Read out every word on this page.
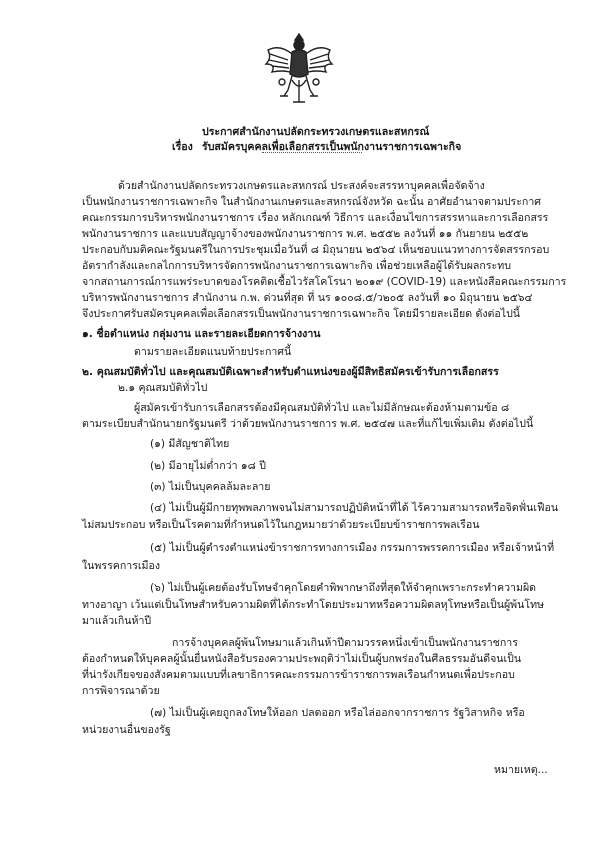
ประกาศสำนักงานปลัดกระทรวงเกษตรและสหกรณ์
เรื่อง รับสมัครบุคคลเพื่อเลือกสรรเป็นพนักงานราชการเฉพาะกิจ
ด้วยสำนักงานปลัดกระทรวงเกษตรและสหกรณ์ ประสงค์จะสรรหาบุคคลเพื่อจัดจ้าง
เป็นพนักงานราชการเฉพาะกิจ ในสำนักงานเกษตรและสหกรณ์จังหวัด ฉะนั้น อาศัยอำนาจตามประกาศ
คณะกรรมการบริหารพนักงานราชการ เรื่อง หลักเกณฑ์ วิธีการ และเงื่อนไขการสรรหาและการเลือกสรร
พนักงานราชการ และแบบสัญญาจ้างของพนักงานราชการ พ.ศ. ๒๕๕๒ ลงวันที่ ๑๑ กันยายน ๒๕๕๒
ประกอบกับมติคณะรัฐมนตรีในการประชุมเมื่อวันที่ ๘ มิถุนายน ๒๕๖๔ เห็นชอบแนวทางการจัดสรรกรอบ
อัตรากำลังและกลไกการบริหารจัดการพนักงานราชการเฉพาะกิจ เพื่อช่วยเหลือผู้ได้รับผลกระทบ
จากสถานการณ์การแพร่ระบาดของโรคติดเชื้อไวรัสโคโรนา ๒๐๑๙ (COVID-19) และหนังสือคณะกรรมการ
บริหารพนักงานราชการ สำนักงาน ก.พ. ด่วนที่สุด ที่ นร ๑๐๐๘.๕/ว๒๐๕ ลงวันที่ ๑๐ มิถุนายน ๒๕๖๔
จึงประกาศรับสมัครบุคคลเพื่อเลือกสรรเป็นพนักงานราชการเฉพาะกิจ โดยมีรายละเอียด ดังต่อไปนี้
๑. ชื่อตำแหน่ง กลุ่มงาน และรายละเอียดการจ้างงาน
ตามรายละเอียดแนบท้ายประกาศนี้
๒. คุณสมบัติทั่วไป และคุณสมบัติเฉพาะสำหรับตำแหน่งของผู้มีสิทธิสมัครเข้ารับการเลือกสรร
๒.๑ คุณสมบัติทั่วไป
ผู้สมัครเข้ารับการเลือกสรรต้องมีคุณสมบัติทั่วไป และไม่มีลักษณะต้องห้ามตามข้อ ๘
ตามระเบียบสำนักนายกรัฐมนตรี ว่าด้วยพนักงานราชการ พ.ศ. ๒๕๔๗ และที่แก้ไขเพิ่มเติม ดังต่อไปนี้
(๑) มีสัญชาติไทย
(๒) มีอายุไม่ต่ำกว่า ๑๘ ปี
(๓) ไม่เป็นบุคคลล้มละลาย
(๔) ไม่เป็นผู้มีกายทุพพลภาพจนไม่สามารถปฏิบัติหน้าที่ได้ ไร้ความสามารถหรือจิตฟั่นเฟือน
ไม่สมประกอบ หรือเป็นโรคตามที่กำหนดไว้ในกฎหมายว่าด้วยระเบียบข้าราชการพลเรือน
(๕) ไม่เป็นผู้ดำรงตำแหน่งข้าราชการทางการเมือง กรรมการพรรคการเมือง หรือเจ้าหน้าที่
ในพรรคการเมือง
(๖) ไม่เป็นผู้เคยต้องรับโทษจำคุกโดยคำพิพากษาถึงที่สุดให้จำคุกเพราะกระทำความผิด
ทางอาญา เว้นแต่เป็นโทษสำหรับความผิดที่ได้กระทำโดยประมาทหรือความผิดลหุโทษหรือเป็นผู้พ้นโทษ
มาแล้วเกินห้าปี
การจ้างบุคคลผู้พ้นโทษมาแล้วเกินห้าปีตามวรรคหนึ่งเข้าเป็นพนักงานราชการ
ต้องกำหนดให้บุคคลผู้นั้นยื่นหนังสือรับรองความประพฤติว่าไม่เป็นผู้บกพร่องในศีลธรรมอันดีจนเป็น
ที่น่ารังเกียจของสังคมตามแบบที่เลขาธิการคณะกรรมการข้าราชการพลเรือนกำหนดเพื่อประกอบ
การพิจารณาด้วย
(๗) ไม่เป็นผู้เคยถูกลงโทษให้ออก ปลดออก หรือไล่ออกจากราชการ รัฐวิสาหกิจ หรือ
หน่วยงานอื่นของรัฐ
หมายเหตุ...
